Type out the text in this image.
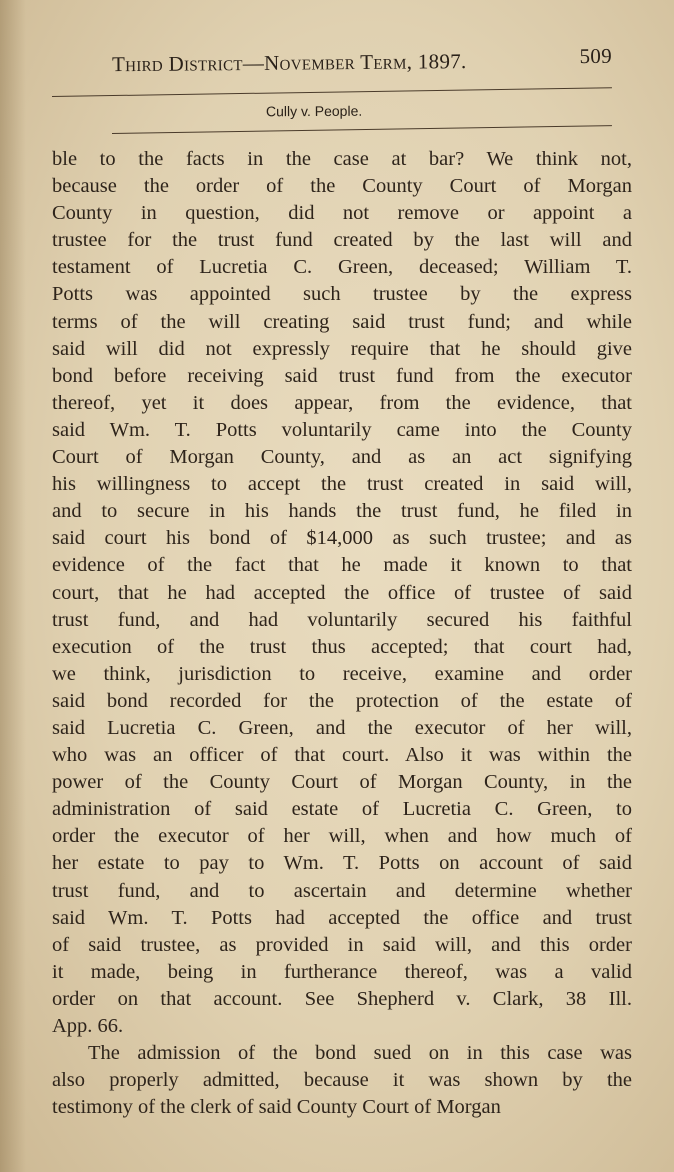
Third District—November Term, 1897.	509
Cully v. People.
ble to the facts in the case at bar? We think not,
because the order of the County Court of Morgan
County in question, did not remove or appoint a
trustee for the trust fund created by the last will and
testament of Lucretia C. Green, deceased; William T.
Potts was appointed such trustee by the express
terms of the will creating said trust fund; and while
said will did not expressly require that he should give
bond before receiving said trust fund from the executor
thereof, yet it does appear, from the evidence, that
said Wm. T. Potts voluntarily came into the County
Court of Morgan County, and as an act signifying
his willingness to accept the trust created in said will,
and to secure in his hands the trust fund, he filed in
said court his bond of $14,000 as such trustee; and as
evidence of the fact that he made it known to that
court, that he had accepted the office of trustee of said
trust fund, and had voluntarily secured his faithful
execution of the trust thus accepted; that court had,
we think, jurisdiction to receive, examine and order
said bond recorded for the protection of the estate of
said Lucretia C. Green, and the executor of her will,
who was an officer of that court. Also it was within the
power of the County Court of Morgan County, in the
administration of said estate of Lucretia C. Green, to
order the executor of her will, when and how much of
her estate to pay to Wm. T. Potts on account of said
trust fund, and to ascertain and determine whether
said Wm. T. Potts had accepted the office and trust
of said trustee, as provided in said will, and this order
it made, being in furtherance thereof, was a valid
order on that account. See Shepherd v. Clark, 38 Ill.
App. 66.
The admission of the bond sued on in this case was
also properly admitted, because it was shown by the
testimony of the clerk of said County Court of Morgan
